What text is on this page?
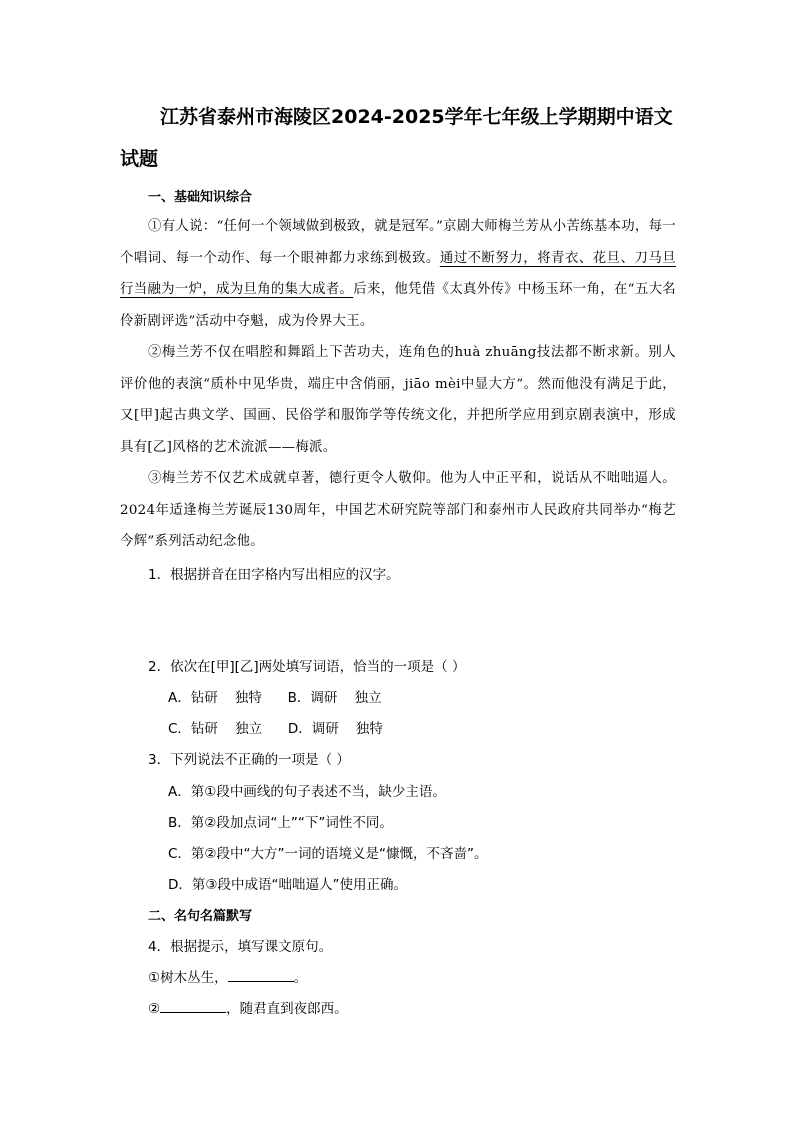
江苏省泰州市海陵区2024-2025学年七年级上学期期中语文试题
一、基础知识综合
①有人说：“任何一个领域做到极致，就是冠军。”京剧大师梅兰芳从小苦练基本功，每一个唱词、每一个动作、每一个眼神都力求练到极致。通过不断努力，将青衣、花旦、刀马旦行当融为一炉，成为旦角的集大成者。后来，他凭借《太真外传》中杨玉环一角，在“五大名伶新剧评选”活动中夺魁，成为伶界大王。
②梅兰芳不仅在唱腔和舞蹈上下苦功夫，连角色的huà zhuāng技法都不断求新。别人评价他的表演“质朴中见华贵，端庄中含俏丽，jiāo mèi中显大方”。然而他没有满足于此，又[甲]起古典文学、国画、民俗学和服饰学等传统文化，并把所学应用到京剧表演中，形成具有[乙]风格的艺术流派——梅派。
③梅兰芳不仅艺术成就卓著，德行更令人敬仰。他为人中正平和，说话从不咄咄逼人。2024年适逢梅兰芳诞辰130周年，中国艺术研究院等部门和泰州市人民政府共同举办“梅艺今辉”系列活动纪念他。
1．根据拼音在田字格内写出相应的汉字。
2．依次在[甲][乙]两处填写词语，恰当的一项是（ ）
A．钻研    独特      B．调研    独立
C．钻研    独立      D．调研    独特
3．下列说法不正确的一项是（ ）
A．第①段中画线的句子表述不当，缺少主语。
B．第②段加点词“上”“下”词性不同。
C．第②段中“大方”一词的语境义是“慷慨，不吝啬”。
D．第③段中成语“咄咄逼人”使用正确。
二、名句名篇默写
4．根据提示，填写课文原句。
①树木丛生，	。
②	，随君直到夜郎西。
